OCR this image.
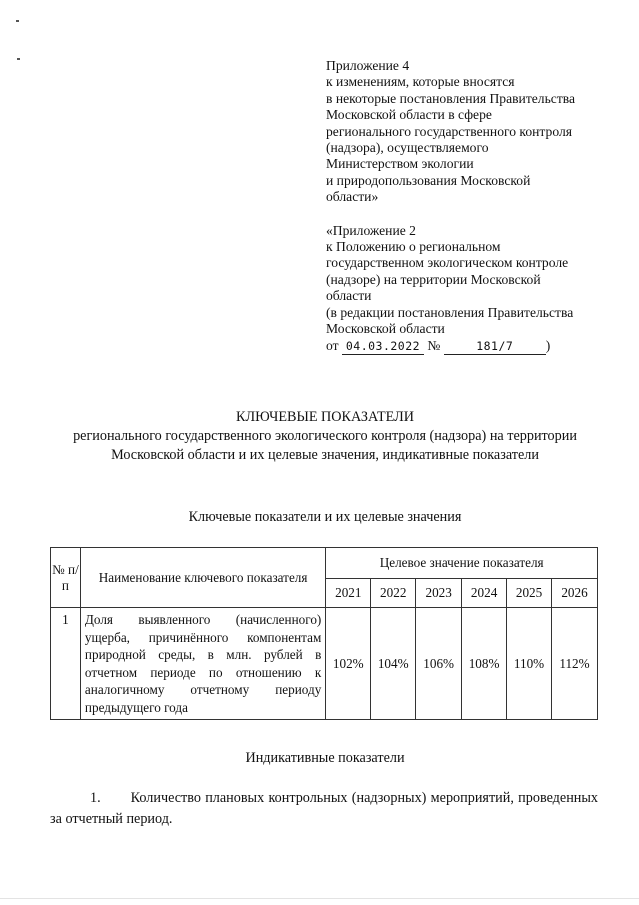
Приложение 4
к изменениям, которые вносятся
в некоторые постановления Правительства
Московской области в сфере
регионального государственного контроля
(надзора), осуществляемого
Министерством экологии
и природопользования Московской
области»
«Приложение 2
к Положению о региональном
государственном экологическом контроле
(надзоре) на территории Московской
области
(в редакции постановления Правительства
Московской области
от 04.03.2022 №	181/7 )
КЛЮЧЕВЫЕ ПОКАЗАТЕЛИ
регионального государственного экологического контроля (надзора) на территории
Московской области и их целевые значения, индикативные показатели
Ключевые показатели и их целевые значения
№ п/п	Наименование ключевого показателя	Целевое значение показателя					
		2021	2022	2023	2024	2025	2026
1	Доля выявленного (начисленного) ущерба, причинённого компонентам природной среды, в млн. рублей в отчетном периоде по отношению к аналогичному отчетному периоду предыдущего года	102%	104%	106%	108%	110%	112%
Индикативные показатели
1.       Количество плановых контрольных (надзорных) мероприятий, проведенных за отчетный период.
